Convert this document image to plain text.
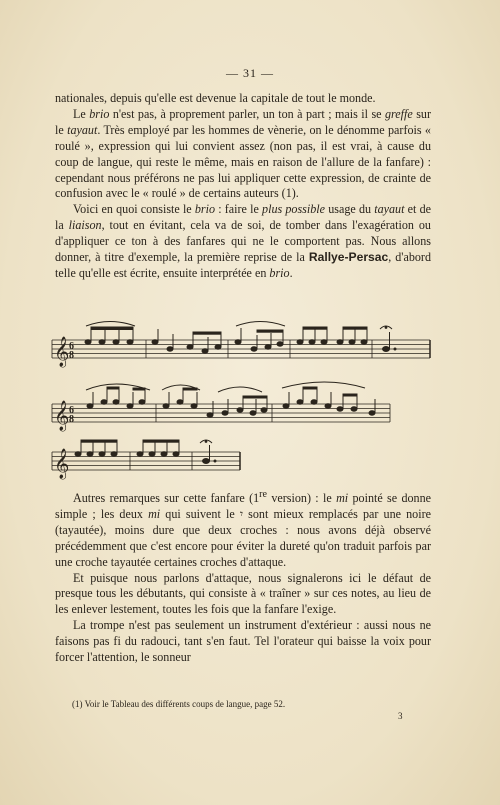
— 31 —

nationales, depuis qu'elle est devenue la capitale de tout le monde.

Le brio n'est pas, à proprement parler, un ton à part ; mais il se greffe sur le tayaut. Très employé par les hommes de vènerie, on le dénomme parfois « roulé », expression qui lui convient assez (non pas, il est vrai, à cause du coup de langue, qui reste le même, mais en raison de l'allure de la fanfare) : cependant nous préférons ne pas lui appliquer cette expression, de crainte de confusion avec le « roulé » de certains auteurs (1).

Voici en quoi consiste le brio : faire le plus possible usage du tayaut et de la liaison, tout en évitant, cela va de soi, de tomber dans l'exagération ou d'appliquer ce ton à des fanfares qui ne le comportent pas. Nous allons donner, à titre d'exemple, la première reprise de la Rallye-Persac, d'abord telle qu'elle est écrite, ensuite interprétée en brio.

𝄞 6
8
𝄞 6
8
𝄞

Autres remarques sur cette fanfare (1re version) : le mi pointé se donne simple ; les deux mi qui suivent le 𝄾 sont mieux remplacés par une noire (tayautée), moins dure que deux croches : nous avons déjà observé précédemment que c'est encore pour éviter la dureté qu'on traduit parfois par une croche tayautée certaines croches d'attaque.

Et puisque nous parlons d'attaque, nous signalerons ici le défaut de presque tous les débutants, qui consiste à « traîner » sur ces notes, au lieu de les enlever lestement, toutes les fois que la fanfare l'exige.

La trompe n'est pas seulement un instrument d'extérieur : aussi nous ne faisons pas fi du radouci, tant s'en faut. Tel l'orateur qui baisse la voix pour forcer l'attention, le sonneur

(1) Voir le Tableau des différents coups de langue, page 52.
3
